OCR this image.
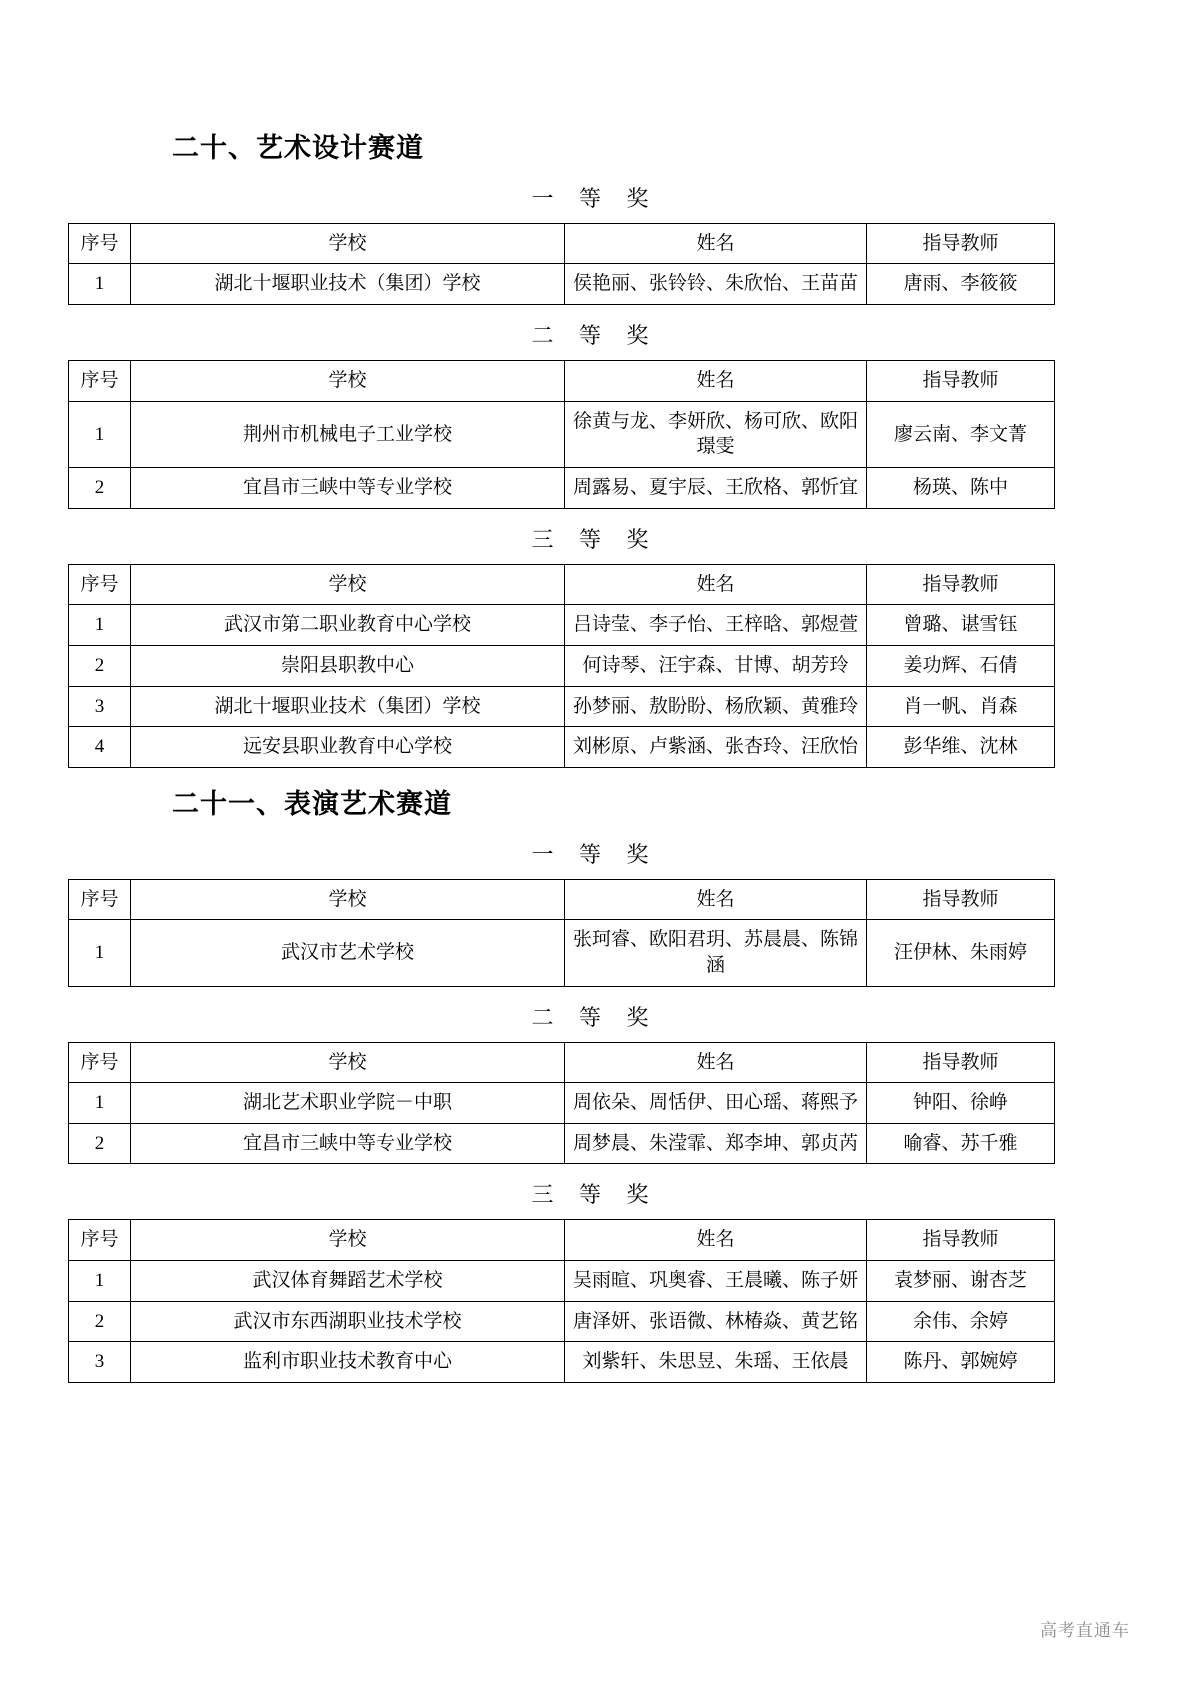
二十、艺术设计赛道
一 等 奖
序号	学校	姓名	指导教师
1	湖北十堰职业技术（集团）学校	侯艳丽、张铃铃、朱欣怡、王苗苗	唐雨、李筱筱
二 等 奖
序号	学校	姓名	指导教师
1	荆州市机械电子工业学校	徐黄与龙、李妍欣、杨可欣、欧阳璟雯	廖云南、李文菁
2	宜昌市三峡中等专业学校	周露易、夏宇辰、王欣格、郭忻宜	杨瑛、陈中
三 等 奖
序号	学校	姓名	指导教师
1	武汉市第二职业教育中心学校	吕诗莹、李子怡、王梓晗、郭煜萱	曾璐、谌雪钰
2	崇阳县职教中心	何诗琴、汪宇森、甘博、胡芳玲	姜功辉、石倩
3	湖北十堰职业技术（集团）学校	孙梦丽、敖盼盼、杨欣颖、黄雅玲	肖一帆、肖森
4	远安县职业教育中心学校	刘彬原、卢紫涵、张杏玲、汪欣怡	彭华维、沈林
二十一、表演艺术赛道
一 等 奖
序号	学校	姓名	指导教师
1	武汉市艺术学校	张珂睿、欧阳君玥、苏晨晨、陈锦涵	汪伊林、朱雨婷
二 等 奖
序号	学校	姓名	指导教师
1	湖北艺术职业学院－中职	周依朵、周恬伊、田心瑶、蒋熙予	钟阳、徐峥
2	宜昌市三峡中等专业学校	周梦晨、朱滢霏、郑李坤、郭贞芮	喻睿、苏千雅
三 等 奖
序号	学校	姓名	指导教师
1	武汉体育舞蹈艺术学校	吴雨暄、巩奥睿、王晨曦、陈子妍	袁梦丽、谢杏芝
2	武汉市东西湖职业技术学校	唐泽妍、张语微、林椿焱、黄艺铭	余伟、余婷
3	监利市职业技术教育中心	刘紫轩、朱思昱、朱瑶、王依晨	陈丹、郭婉婷
高考直通车
